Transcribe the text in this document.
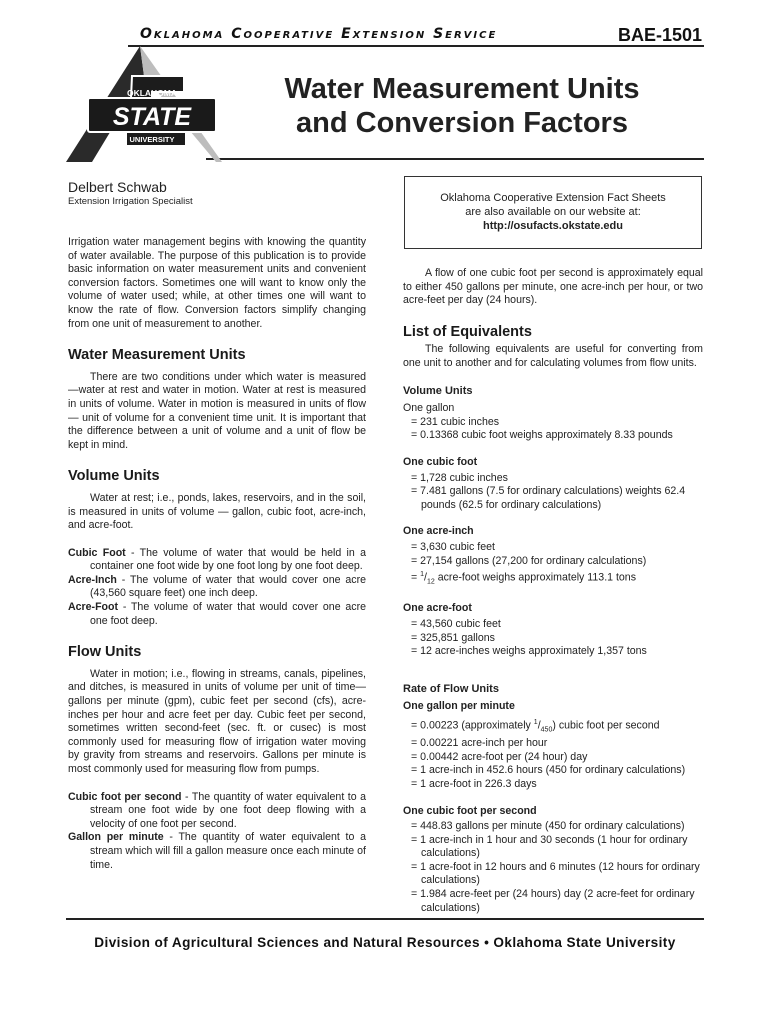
Oklahoma Cooperative Extension Service	BAE-1501
OKLAHOMA
STATE
UNIVERSITY
Water Measurement Units
and Conversion Factors
Delbert Schwab
Extension Irrigation Specialist	Oklahoma Cooperative Extension Fact Sheets
are also available on our website at:
http://osufacts.okstate.edu

Irrigation water management begins with knowing the quantity of water available. The purpose of this publication is to provide basic information on water measurement units and convenient conversion factors. Sometimes one will want to know only the volume of water used; while, at other times one will want to know the rate of flow. Conversion factors simplify changing from one unit of measurement to another.

Water Measurement Units

There are two conditions under which water is measured—water at rest and water in motion. Water at rest is measured in units of volume. Water in motion is measured in units of flow— unit of volume for a convenient time unit. It is important that the difference between a unit of volume and a unit of flow be kept in mind.

Volume Units

Water at rest; i.e., ponds, lakes, reservoirs, and in the soil, is measured in units of volume — gallon, cubic foot, acre-inch, and acre-foot.

Cubic Foot - The volume of water that would be held in a container one foot wide by one foot long by one foot deep.

Acre-Inch - The volume of water that would cover one acre (43,560 square feet) one inch deep.

Acre-Foot - The volume of water that would cover one acre one foot deep.

Flow Units

Water in motion; i.e., flowing in streams, canals, pipelines, and ditches, is measured in units of volume per unit of time—gallons per minute (gpm), cubic feet per second (cfs), acre-inches per hour and acre feet per day. Cubic feet per second, sometimes written second-feet (sec. ft. or cusec) is most commonly used for measuring flow of irrigation water moving by gravity from streams and reservoirs. Gallons per minute is most commonly used for measuring flow from pumps.

Cubic foot per second - The quantity of water equivalent to a stream one foot wide by one foot deep flowing with a velocity of one foot per second.

Gallon per minute - The quantity of water equivalent to a stream which will fill a gallon measure once each minute of time.

A flow of one cubic foot per second is approximately equal to either 450 gallons per minute, one acre-inch per hour, or two acre-feet per day (24 hours).

List of Equivalents

The following equivalents are useful for converting from one unit to another and for calculating volumes from flow units.

Volume Units
One gallon
= 231 cubic inches
= 0.13368 cubic foot weighs approximately 8.33 pounds
One cubic foot
= 1,728 cubic inches
= 7.481 gallons (7.5 for ordinary calculations) weights 62.4 pounds (62.5 for ordinary calculations)
One acre-inch
= 3,630 cubic feet
= 27,154 gallons (27,200 for ordinary calculations)
= $^1/_{12}$ acre-foot weighs approximately 113.1 tons
One acre-foot
= 43,560 cubic feet
= 325,851 gallons
= 12 acre-inches weighs approximately 1,357 tons
Rate of Flow Units
One gallon per minute
= 0.00223 (approximately $^1/_{450}$) cubic foot per second
= 0.00221 acre-inch per hour
= 0.00442 acre-foot per (24 hour) day
= 1 acre-inch in 452.6 hours (450 for ordinary calculations)
= 1 acre-foot in 226.3 days
One cubic foot per second
= 448.83 gallons per minute (450 for ordinary calculations)
= 1 acre-inch in 1 hour and 30 seconds (1 hour for ordinary calculations)
= 1 acre-foot in 12 hours and 6 minutes (12 hours for ordinary calculations)
= 1.984 acre-feet per (24 hours) day (2 acre-feet for ordinary calculations)
Division of Agricultural Sciences and Natural Resources • Oklahoma State University
